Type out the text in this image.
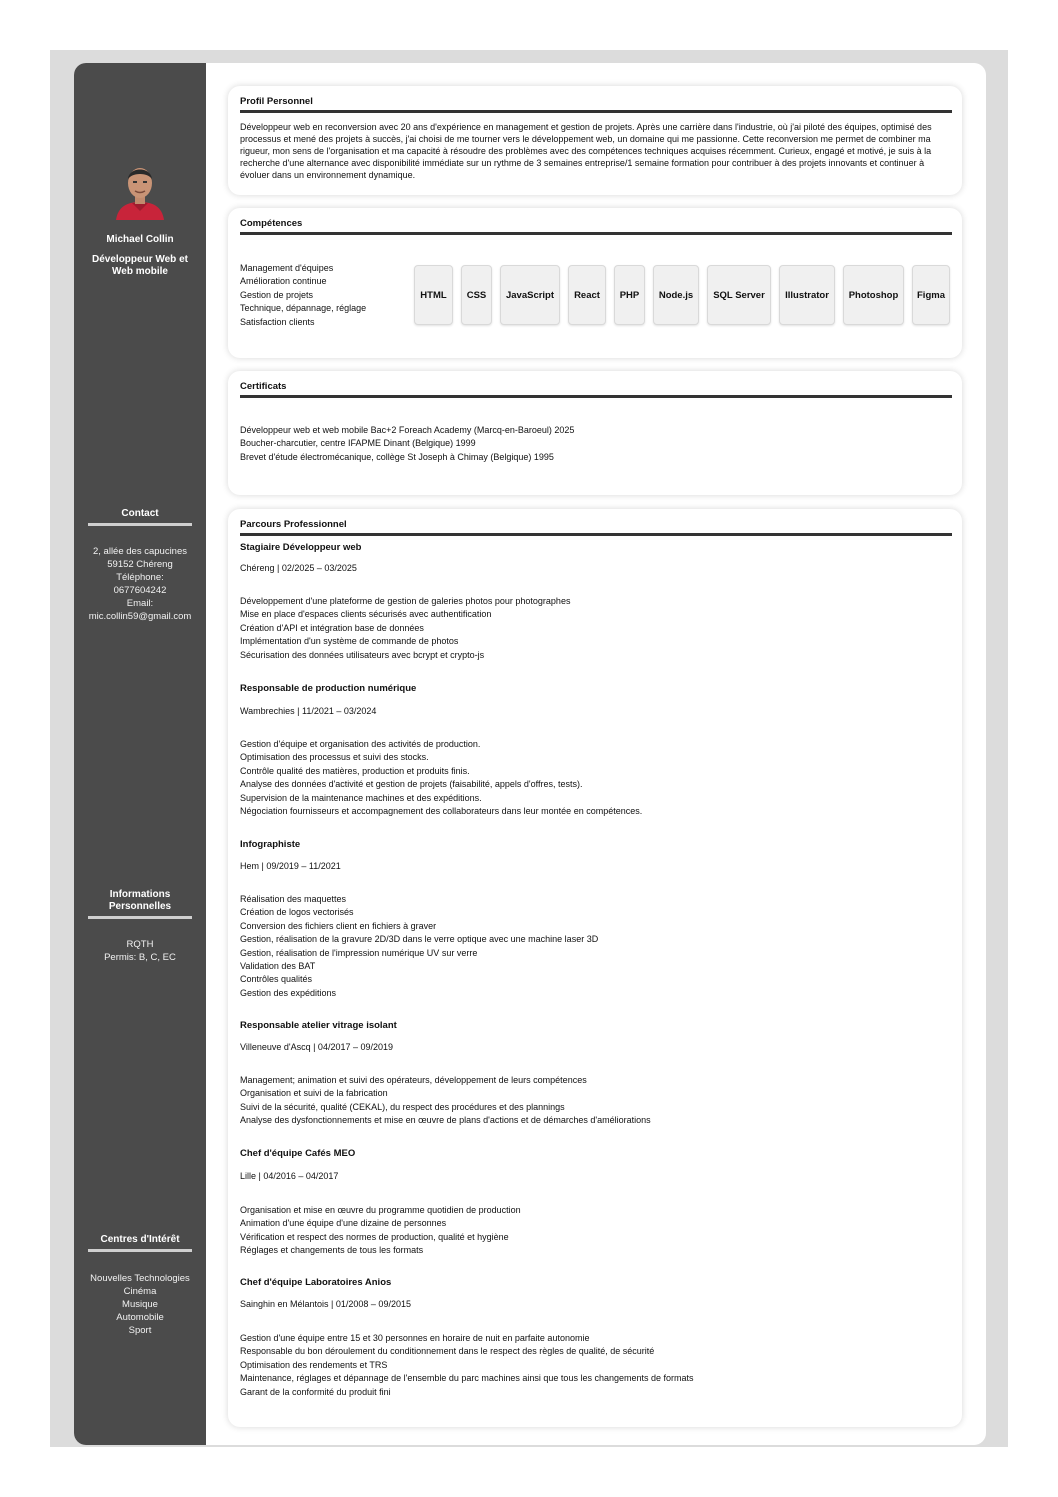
Michael Collin
Développeur Web et Web mobile
Contact
2, allée des capucines
59152 Chéreng
Téléphone:
0677604242
Email:
mic.collin59@gmail.com
Informations Personnelles
RQTH
Permis: B, C, EC
Centres d'Intérêt
Nouvelles Technologies
Cinéma
Musique
Automobile
Sport
Profil Personnel
Développeur web en reconversion avec 20 ans d'expérience en management et gestion de projets. Après une carrière dans l'industrie, où j'ai piloté des équipes, optimisé des processus et mené des projets à succès, j'ai choisi de me tourner vers le développement web, un domaine qui me passionne. Cette reconversion me permet de combiner ma rigueur, mon sens de l'organisation et ma capacité à résoudre des problèmes avec des compétences techniques acquises récemment. Curieux, engagé et motivé, je suis à la recherche d'une alternance avec disponibilité immédiate sur un rythme de 3 semaines entreprise/1 semaine formation pour contribuer à des projets innovants et continuer à évoluer dans un environnement dynamique.
Compétences
Management d'équipes
Amélioration continue
Gestion de projets
Technique, dépannage, réglage
Satisfaction clients
HTML	CSS	JavaScript	React	PHP	Node.js	SQL Server	Illustrator	Photoshop	Figma
Certificats
Développeur web et web mobile Bac+2 Foreach Academy (Marcq-en-Baroeul) 2025
Boucher-charcutier, centre IFAPME Dinant (Belgique) 1999
Brevet d'étude électromécanique, collège St Joseph à Chimay (Belgique) 1995
Parcours Professionnel
Stagiaire Développeur web
Chéreng | 02/2025 – 03/2025
Développement d'une plateforme de gestion de galeries photos pour photographes
Mise en place d'espaces clients sécurisés avec authentification
Création d'API et intégration base de données
Implémentation d'un système de commande de photos
Sécurisation des données utilisateurs avec bcrypt et crypto-js
Responsable de production numérique
Wambrechies | 11/2021 – 03/2024
Gestion d'équipe et organisation des activités de production.
Optimisation des processus et suivi des stocks.
Contrôle qualité des matières, production et produits finis.
Analyse des données d'activité et gestion de projets (faisabilité, appels d'offres, tests).
Supervision de la maintenance machines et des expéditions.
Négociation fournisseurs et accompagnement des collaborateurs dans leur montée en compétences.
Infographiste
Hem | 09/2019 – 11/2021
Réalisation des maquettes
Création de logos vectorisés
Conversion des fichiers client en fichiers à graver
Gestion, réalisation de la gravure 2D/3D dans le verre optique avec une machine laser 3D
Gestion, réalisation de l'impression numérique UV sur verre
Validation des BAT
Contrôles qualités
Gestion des expéditions
Responsable atelier vitrage isolant
Villeneuve d'Ascq | 04/2017 – 09/2019
Management; animation et suivi des opérateurs, développement de leurs compétences
Organisation et suivi de la fabrication
Suivi de la sécurité, qualité (CEKAL), du respect des procédures et des plannings
Analyse des dysfonctionnements et mise en œuvre de plans d'actions et de démarches d'améliorations
Chef d'équipe Cafés MEO
Lille | 04/2016 – 04/2017
Organisation et mise en œuvre du programme quotidien de production
Animation d'une équipe d'une dizaine de personnes
Vérification et respect des normes de production, qualité et hygiène
Réglages et changements de tous les formats
Chef d'équipe Laboratoires Anios
Sainghin en Mélantois | 01/2008 – 09/2015
Gestion d'une équipe entre 15 et 30 personnes en horaire de nuit en parfaite autonomie
Responsable du bon déroulement du conditionnement dans le respect des règles de qualité, de sécurité
Optimisation des rendements et TRS
Maintenance, réglages et dépannage de l'ensemble du parc machines ainsi que tous les changements de formats
Garant de la conformité du produit fini
